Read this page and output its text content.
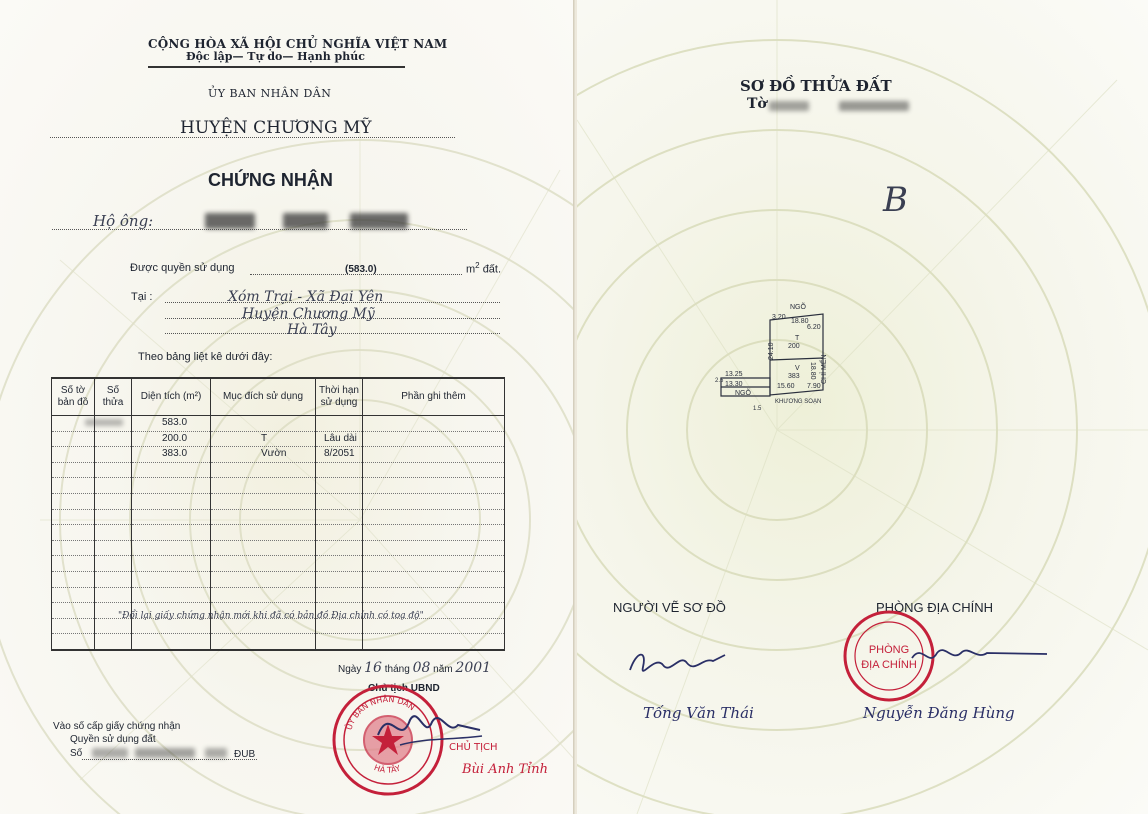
CỘNG HÒA XÃ HỘI CHỦ NGHĨA VIỆT NAM
Độc lập— Tự do— Hạnh phúc
ỦY BAN NHÂN DÂN
HUYỆN CHƯƠNG MỸ
CHỨNG NHẬN
Hộ ông:
Được quyền sử dụng	(583.0)	$m^2$ đất.
Tại :	Xóm Trại - Xã Đại Yên
Huyện Chương Mỹ
Hà Tây
Theo bảng liệt kê dưới đây:
Số tờ bản đồ	Số thửa	Diện tích (m²)	Mục đích sử dụng	Thời hạn sử dụng	Phần ghi thêm
		583.0			
		200.0	T	Lâu dài	
		383.0	Vườn	8/2051	

"Đổi lại giấy chứng nhận mới khi đã có bản đồ Địa chính có toạ độ"
Ngày 16 tháng 08 năm 2001
Chủ tịch UBND
ỦY BAN NHÂN DÂN
HÀ TÂY
CHỦ TỊCH
Bùi Anh Tỉnh
Vào số cấp giấy chứng nhận
Quyền sử dụng đất
Số	ĐUB
SƠ ĐỒ THỬA ĐẤT
Tờ
B
NGÕ
3.20
18.80
6.20
24.10
18.80 CHỈ MẾN
T
200
V
383
13.25
13.30	15.60 7.90
NGÕ
KHƯƠNG SOẠN
2.5
1.5
NGƯỜI VẼ SƠ ĐỒ
Tống Văn Thái
PHÒNG ĐỊA CHÍNH
PHÒNG
ĐỊA CHÍNH
Nguyễn Đăng Hùng
